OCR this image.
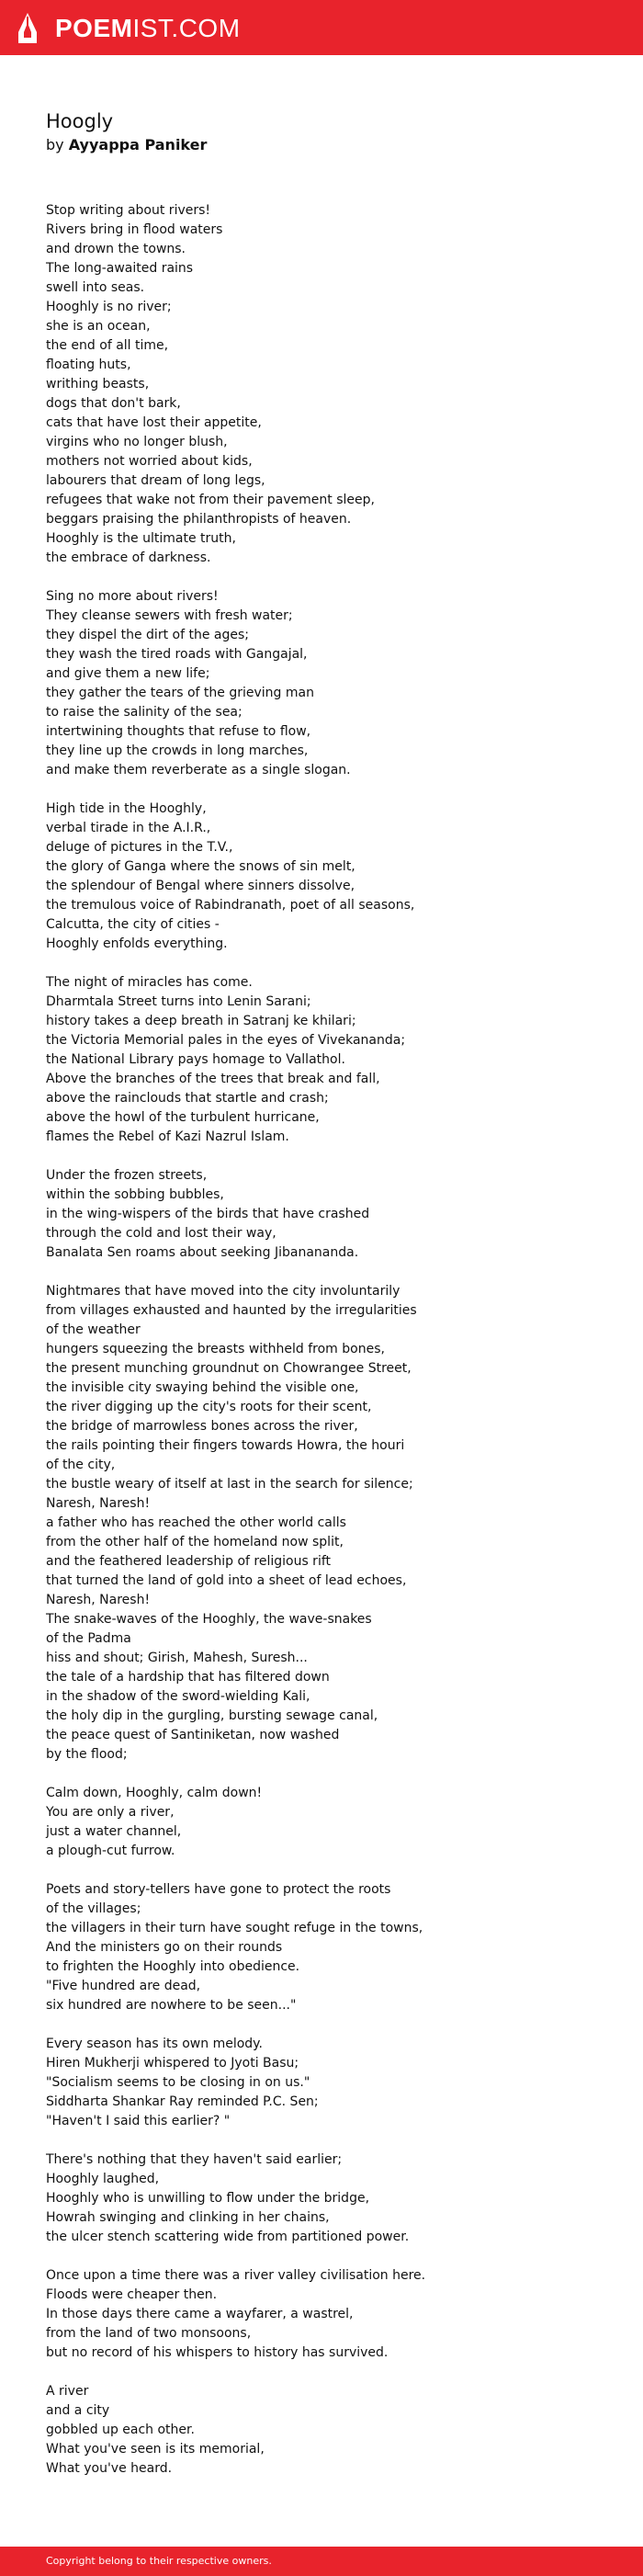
POEMIST.COM
Hoogly
by Ayyappa Paniker
Stop writing about rivers!
Rivers bring in flood waters
and drown the towns.
The long-awaited rains
swell into seas.
Hooghly is no river;
she is an ocean,
the end of all time,
floating huts,
writhing beasts,
dogs that don't bark,
cats that have lost their appetite,
virgins who no longer blush,
mothers not worried about kids,
labourers that dream of long legs,
refugees that wake not from their pavement sleep,
beggars praising the philanthropists of heaven.
Hooghly is the ultimate truth,
the embrace of darkness.
Sing no more about rivers!
They cleanse sewers with fresh water;
they dispel the dirt of the ages;
they wash the tired roads with Gangajal,
and give them a new life;
they gather the tears of the grieving man
to raise the salinity of the sea;
intertwining thoughts that refuse to flow,
they line up the crowds in long marches,
and make them reverberate as a single slogan.
High tide in the Hooghly,
verbal tirade in the A.I.R.,
deluge of pictures in the T.V.,
the glory of Ganga where the snows of sin melt,
the splendour of Bengal where sinners dissolve,
the tremulous voice of Rabindranath, poet of all seasons,
Calcutta, the city of cities -
Hooghly enfolds everything.
The night of miracles has come.
Dharmtala Street turns into Lenin Sarani;
history takes a deep breath in Satranj ke khilari;
the Victoria Memorial pales in the eyes of Vivekananda;
the National Library pays homage to Vallathol.
Above the branches of the trees that break and fall,
above the rainclouds that startle and crash;
above the howl of the turbulent hurricane,
flames the Rebel of Kazi Nazrul Islam.
Under the frozen streets,
within the sobbing bubbles,
in the wing-wispers of the birds that have crashed
through the cold and lost their way,
Banalata Sen roams about seeking Jibanananda.
Nightmares that have moved into the city involuntarily
from villages exhausted and haunted by the irregularities
of the weather
hungers squeezing the breasts withheld from bones,
the present munching groundnut on Chowrangee Street,
the invisible city swaying behind the visible one,
the river digging up the city's roots for their scent,
the bridge of marrowless bones across the river,
the rails pointing their fingers towards Howra, the houri
of the city,
the bustle weary of itself at last in the search for silence;
Naresh, Naresh!
a father who has reached the other world calls
from the other half of the homeland now split,
and the feathered leadership of religious rift
that turned the land of gold into a sheet of lead echoes,
Naresh, Naresh!
The snake-waves of the Hooghly, the wave-snakes
of the Padma
hiss and shout; Girish, Mahesh, Suresh...
the tale of a hardship that has filtered down
in the shadow of the sword-wielding Kali,
the holy dip in the gurgling, bursting sewage canal,
the peace quest of Santiniketan, now washed
by the flood;
Calm down, Hooghly, calm down!
You are only a river,
just a water channel,
a plough-cut furrow.
Poets and story-tellers have gone to protect the roots
of the villages;
the villagers in their turn have sought refuge in the towns,
And the ministers go on their rounds
to frighten the Hooghly into obedience.
"Five hundred are dead,
six hundred are nowhere to be seen..."
Every season has its own melody.
Hiren Mukherji whispered to Jyoti Basu;
"Socialism seems to be closing in on us."
Siddharta Shankar Ray reminded P.C. Sen;
"Haven't I said this earlier? "
There's nothing that they haven't said earlier;
Hooghly laughed,
Hooghly who is unwilling to flow under the bridge,
Howrah swinging and clinking in her chains,
the ulcer stench scattering wide from partitioned power.
Once upon a time there was a river valley civilisation here.
Floods were cheaper then.
In those days there came a wayfarer, a wastrel,
from the land of two monsoons,
but no record of his whispers to history has survived.
A river
and a city
gobbled up each other.
What you've seen is its memorial,
What you've heard.
Copyright belong to their respective owners.
